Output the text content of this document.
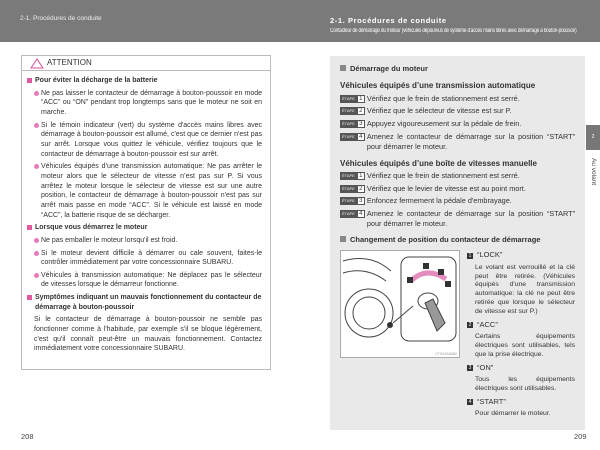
2-1. Procédures de conduite	2-1. Procédures de conduite
Contacteur de démarrage du moteur (véhicules dépourvus de système d'accès mains libres avec démarrage à bouton-poussoir)
ATTENTION
Pour éviter la décharge de la batterie
Ne pas laisser le contacteur de démarrage à bouton-poussoir en mode “ACC” ou “ON” pendant trop longtemps sans que le moteur ne soit en marche.
Si le témoin indicateur (vert) du système d'accès mains libres avec démarrage à bouton-poussoir est allumé, c'est que ce dernier n'est pas sur arrêt. Lorsque vous quittez le véhicule, vérifiez toujours que le contacteur de démarrage à bouton-poussoir est sur arrêt.
Véhicules équipés d’une transmission automatique: Ne pas arrêter le moteur alors que le sélecteur de vitesse n’est pas sur P. Si vous arrêtez le moteur lorsque le sélecteur de vitesse est sur une autre position, le contacteur de démarrage à bouton-poussoir n'est pas sur arrêt mais passe en mode “ACC”. Si le véhicule est laissé en mode “ACC”, la batterie risque de se décharger.
Lorsque vous démarrez le moteur
Ne pas emballer le moteur lorsqu'il est froid.
Si le moteur devient difficile à démarrer ou cale souvent, faites-le contrôler immédiatement par votre concessionnaire SUBARU.
Véhicules à transmission automatique: Ne déplacez pas le sélecteur de vitesses lorsque le démarreur fonctionne.
Symptômes indiquant un mauvais fonctionnement du contacteur de démarrage à bouton-poussoir
Si le contacteur de démarrage à bouton-poussoir ne semble pas fonctionner comme à l'habitude, par exemple s'il se bloque légèrement, c'est qu'il connaît peut-être un mauvais fonctionnement. Contactez immédiatement votre concessionnaire SUBARU.
208
Démarrage du moteur
Véhicules équipés d’une transmission automatique
ÉTAPE 1 Vérifiez que le frein de stationnement est serré.
ÉTAPE 2 Vérifiez que le sélecteur de vitesse est sur P.
ÉTAPE 3 Appuyez vigoureusement sur la pédale de frein.
ÉTAPE 4 Amenez le contacteur de démarrage sur la position “START” pour démarrer le moteur.
Véhicules équipés d’une boîte de vitesses manuelle
ÉTAPE 1 Vérifiez que le frein de stationnement est serré.
ÉTAPE 2 Vérifiez que le levier de vitesse est au point mort.
ÉTAPE 3 Enfoncez fermement la pédale d'embrayage.
ÉTAPE 4 Amenez le contacteur de démarrage sur la position “START” pour démarrer le moteur.
Changement de position du contacteur de démarrage
CTH21AN082
1 “LOCK”
Le volant est verrouillé et la clé peut être retirée. (Véhicules équipés d'une transmission automatique: la clé ne peut être retirée que lorsque le sélecteur de vitesse est sur P.)
2 “ACC”
Certains équipements électriques sont utilisables, tels que la prise électrique.
3 “ON”
Tous les équipements électriques sont utilisables.
4 “START”
Pour démarrer le moteur.
2
Au volant
209
